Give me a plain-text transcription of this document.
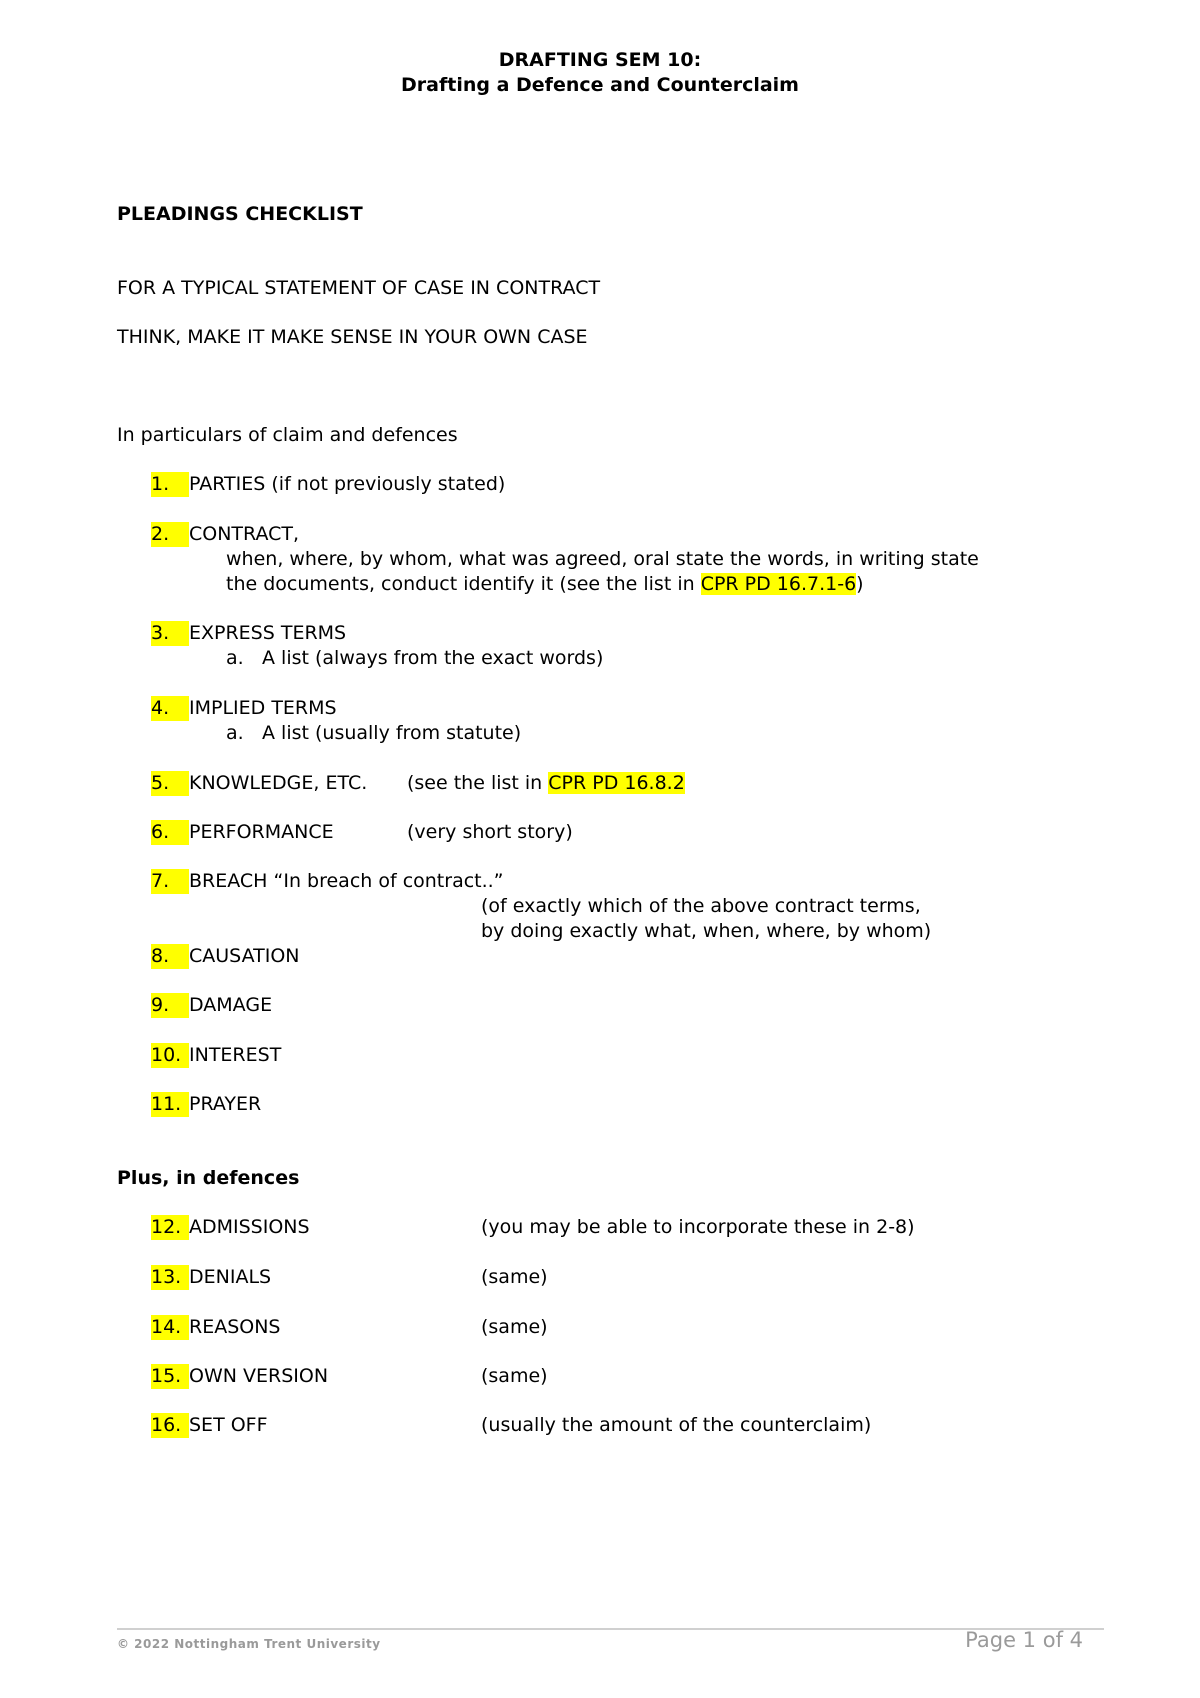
DRAFTING SEM 10:
Drafting a Defence and Counterclaim
PLEADINGS CHECKLIST
FOR A TYPICAL STATEMENT OF CASE IN CONTRACT
THINK, MAKE IT MAKE SENSE IN YOUR OWN CASE
In particulars of claim and defences
1. PARTIES (if not previously stated)
2. CONTRACT,
when, where, by whom, what was agreed, oral state the words, in writing state
the documents, conduct identify it (see the list in CPR PD 16.7.1-6)
3. EXPRESS TERMS
a. A list (always from the exact words)
4. IMPLIED TERMS
a. A list (usually from statute)
5. KNOWLEDGE, ETC. (see the list in CPR PD 16.8.2
6. PERFORMANCE	(very short story)
7. BREACH “In breach of contract..”
(of exactly which of the above contract terms,
by doing exactly what, when, where, by whom)
8. CAUSATION
9. DAMAGE
10. INTEREST
11. PRAYER
Plus, in defences
12. ADMISSIONS	(you may be able to incorporate these in 2-8)
13. DENIALS	(same)
14. REASONS	(same)
15. OWN VERSION	(same)
16. SET OFF	(usually the amount of the counterclaim)
© 2022 Nottingham Trent University	Page 1 of 4
